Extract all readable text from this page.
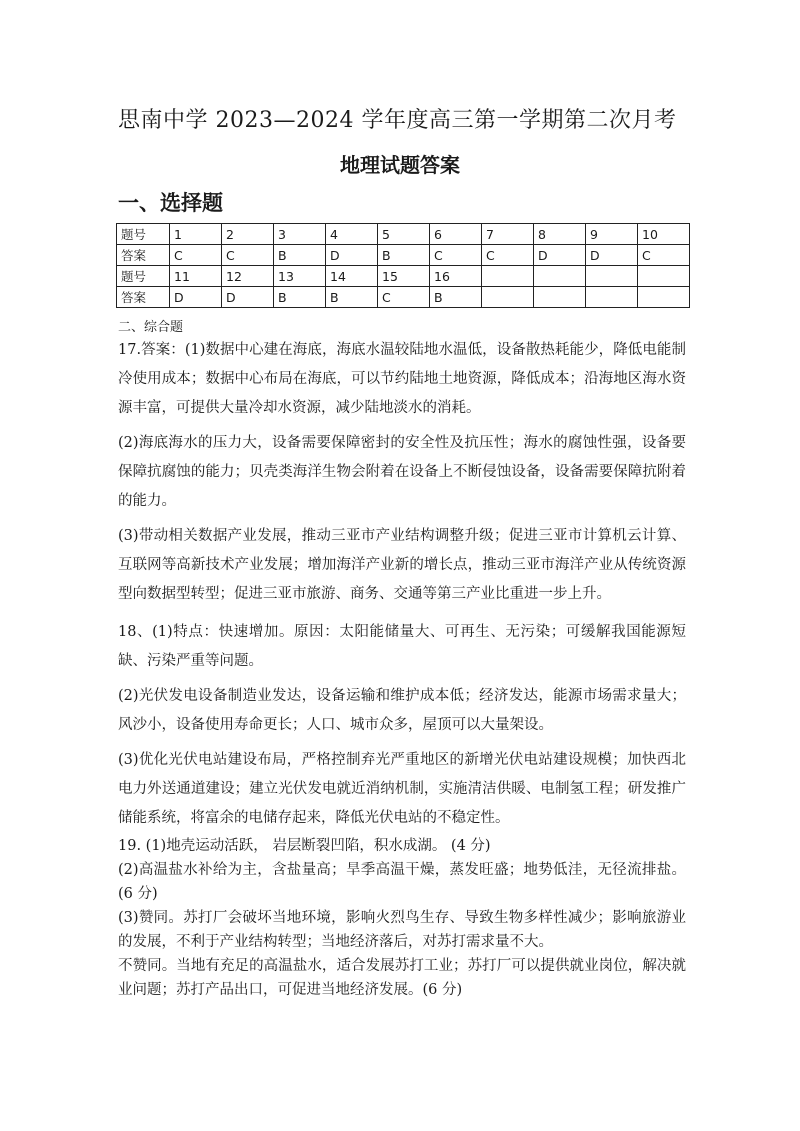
思南中学 2023—2024 学年度高三第一学期第二次月考
地理试题答案
一、选择题
题号	1	2	3	4	5	6	7	8	9	10
答案	C	C	B	D	B	C	C	D	D	C
题号	11	12	13	14	15	16				
答案	D	D	B	B	C	B				
二、综合题

17.答案：(1)数据中心建在海底，海底水温较陆地水温低，设备散热耗能少，降低电能制冷使用成本；数据中心布局在海底，可以节约陆地土地资源，降低成本；沿海地区海水资源丰富，可提供大量冷却水资源，减少陆地淡水的消耗。

(2)海底海水的压力大，设备需要保障密封的安全性及抗压性；海水的腐蚀性强，设备要保障抗腐蚀的能力；贝壳类海洋生物会附着在设备上不断侵蚀设备，设备需要保障抗附着的能力。

(3)带动相关数据产业发展，推动三亚市产业结构调整升级；促进三亚市计算机云计算、互联网等高新技术产业发展；增加海洋产业新的增长点，推动三亚市海洋产业从传统资源型向数据型转型；促进三亚市旅游、商务、交通等第三产业比重进一步上升。

18、(1)特点：快速增加。原因：太阳能储量大、可再生、无污染；可缓解我国能源短缺、污染严重等问题。

(2)光伏发电设备制造业发达，设备运输和维护成本低；经济发达，能源市场需求量大；风沙小，设备使用寿命更长；人口、城市众多，屋顶可以大量架设。

(3)优化光伏电站建设布局，严格控制弃光严重地区的新增光伏电站建设规模；加快西北电力外送通道建设；建立光伏发电就近消纳机制，实施清洁供暖、电制氢工程；研发推广储能系统，将富余的电储存起来，降低光伏电站的不稳定性。

19. (1)地壳运动活跃， 岩层断裂凹陷，积水成湖。 (4 分)

(2)高温盐水补给为主，含盐量高；旱季高温干燥，蒸发旺盛；地势低洼，无径流排盐。 (6 分)

(3)赞同。苏打厂会破坏当地环境，影响火烈鸟生存、导致生物多样性减少；影响旅游业的发展，不利于产业结构转型；当地经济落后，对苏打需求量不大。

不赞同。当地有充足的高温盐水，适合发展苏打工业；苏打厂可以提供就业岗位，解决就业问题；苏打产品出口，可促进当地经济发展。(6 分)
